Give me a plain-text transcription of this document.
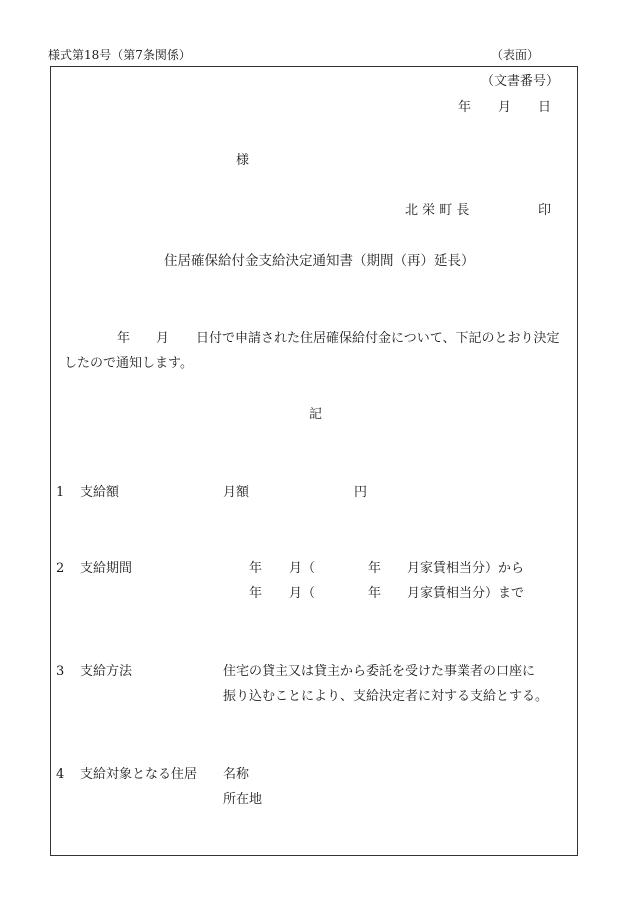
様式第18号（第7条関係）	（表面）
（文書番号）
年 月 日
様
北 栄 町 長	印
住居確保給付金支給決定通知書（期間（再）延長）
年 月 日付で申請された住居確保給付金について、下記のとおり決定
したので通知します。
記
1 支給額	月額	円
2 支給期間	年 月（	年 月家賃相当分）から
年 月（	年 月家賃相当分）まで
3 支給方法	住宅の貸主又は貸主から委託を受けた事業者の口座に
振り込むことにより、支給決定者に対する支給とする。
4 支給対象となる住居 名称
所在地
